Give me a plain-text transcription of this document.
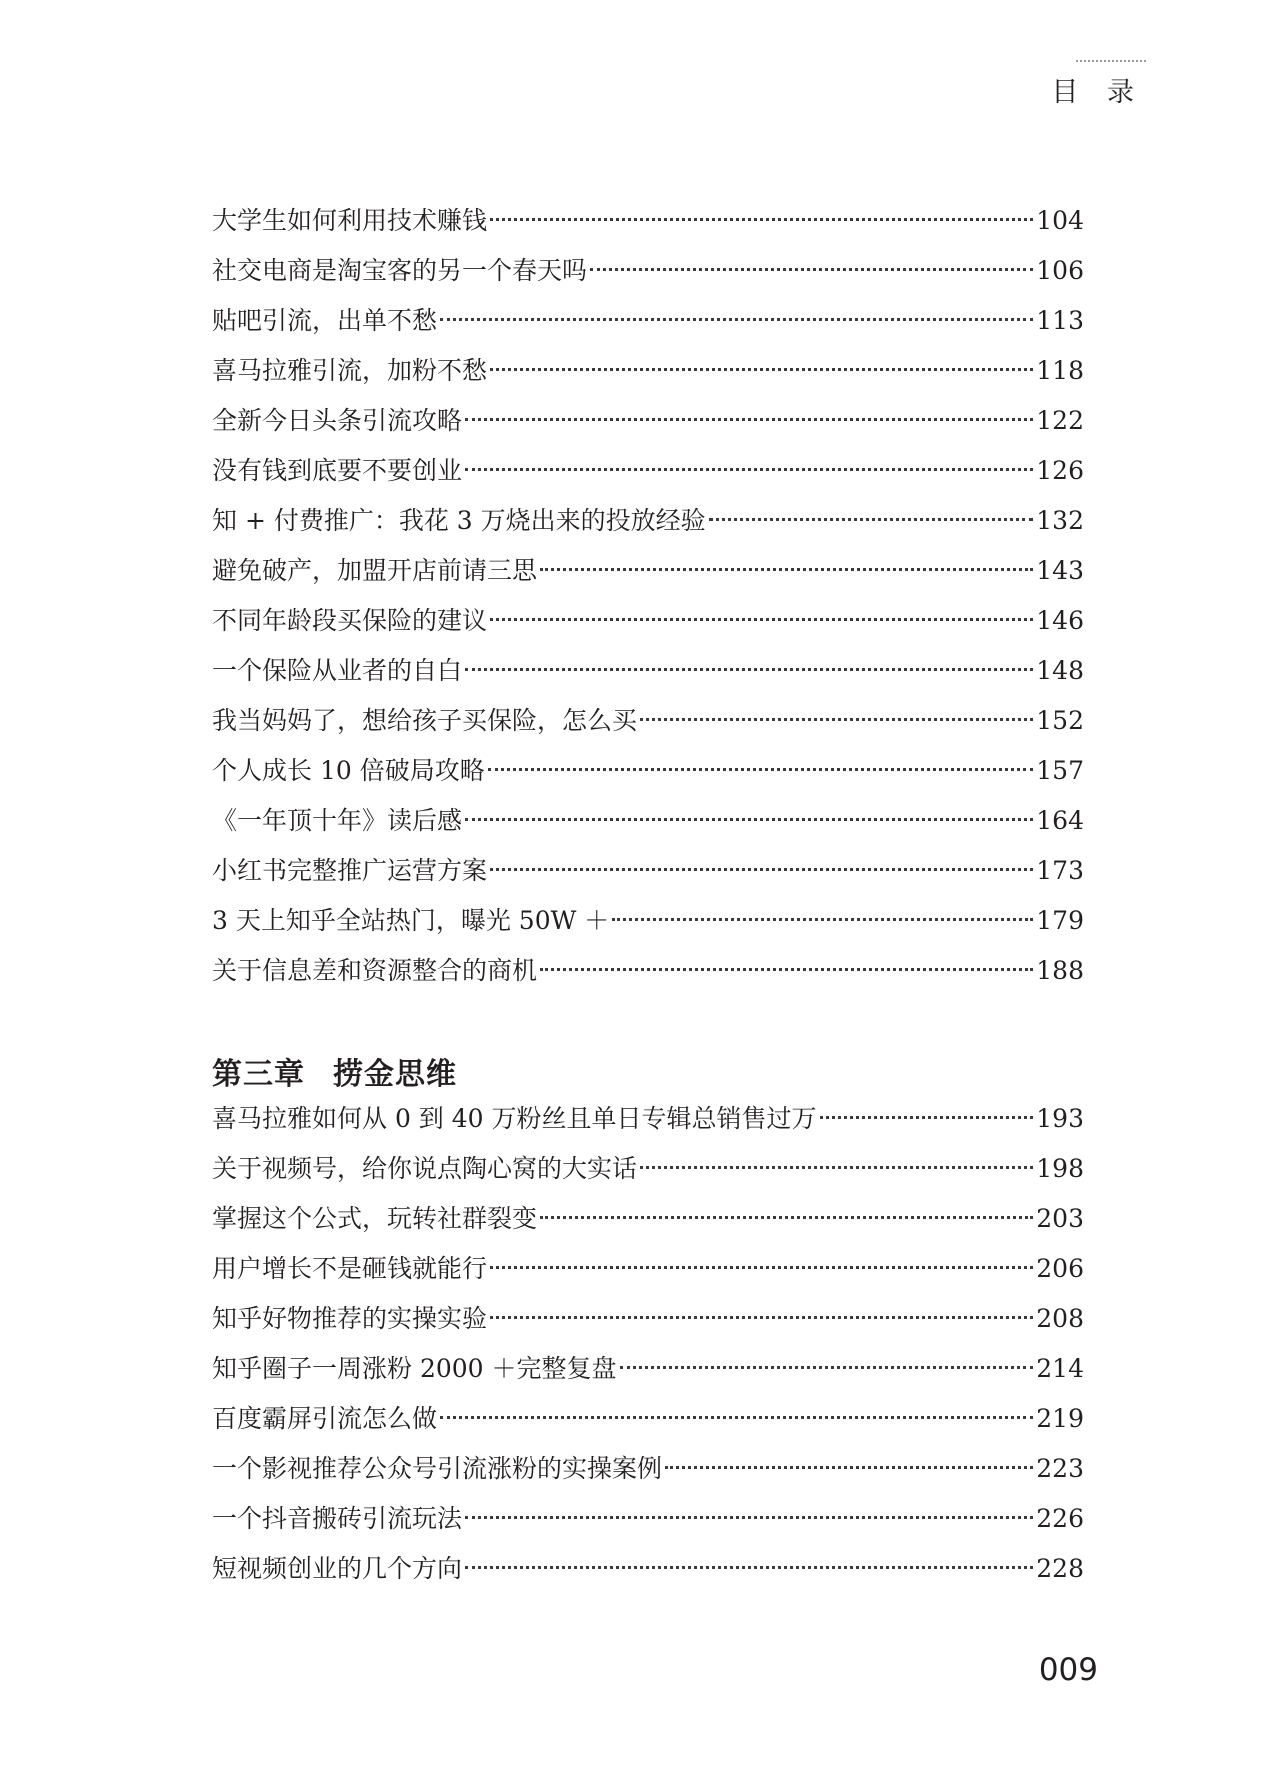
目 录
大学生如何利用技术赚钱	104
社交电商是淘宝客的另一个春天吗	106
贴吧引流，出单不愁	113
喜马拉雅引流，加粉不愁	118
全新今日头条引流攻略	122
没有钱到底要不要创业	126
知 + 付费推广：我花 3 万烧出来的投放经验	132
避免破产，加盟开店前请三思	143
不同年龄段买保险的建议	146
一个保险从业者的自白	148
我当妈妈了，想给孩子买保险，怎么买	152
个人成长 10 倍破局攻略	157
《一年顶十年》读后感	164
小红书完整推广运营方案	173
3 天上知乎全站热门，曝光 50W ＋	179
关于信息差和资源整合的商机	188
第三章 捞金思维
喜马拉雅如何从 0 到 40 万粉丝且单日专辑总销售过万	193
关于视频号，给你说点陶心窝的大实话	198
掌握这个公式，玩转社群裂变	203
用户增长不是砸钱就能行	206
知乎好物推荐的实操实验	208
知乎圈子一周涨粉 2000 ＋完整复盘	214
百度霸屏引流怎么做	219
一个影视推荐公众号引流涨粉的实操案例	223
一个抖音搬砖引流玩法	226
短视频创业的几个方向	228
009
